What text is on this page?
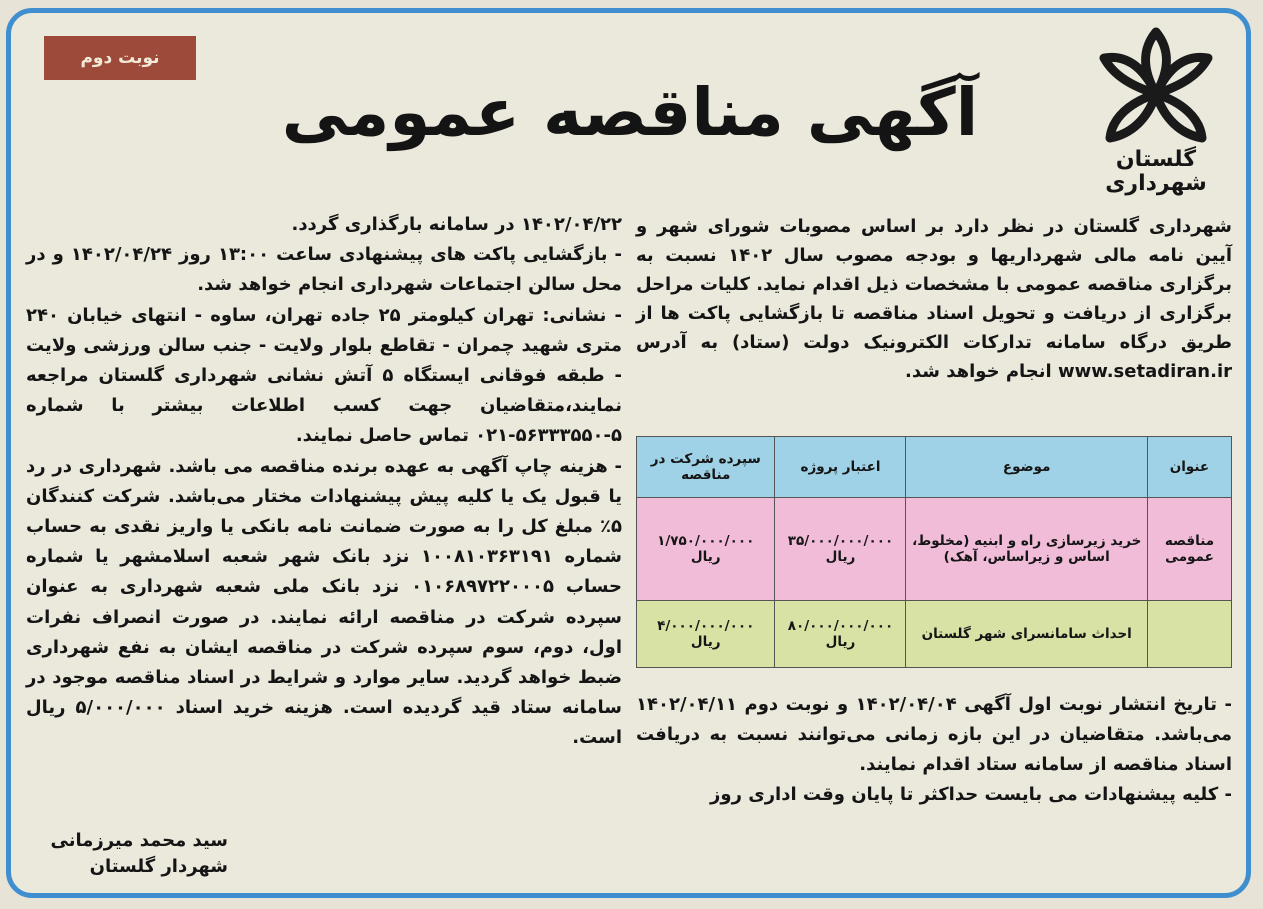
نوبت دوم
آگهی مناقصه عمومی
گلستان
شهرداری
شهرداری گلستان در نظر دارد بر اساس مصوبات شورای شهر و آیین نامه مالی شهرداریها و بودجه مصوب سال ۱۴۰۲ نسبت به برگزاری مناقصه عمومی با مشخصات ذیل اقدام نماید. کلیات مراحل برگزاری از دریافت و تحویل اسناد مناقصه تا بازگشایی پاکت ها از طریق درگاه سامانه تدارکات الکترونیک دولت (ستاد) به آدرس www.setadiran.ir انجام خواهد شد.
عنوان	موضوع	اعتبار پروژه	سپرده شرکت در مناقصه
مناقصه عمومی	خرید زیرسازی راه و ابنیه (مخلوط، اساس و زیراساس، آهک)	۳۵/۰۰۰/۰۰۰/۰۰۰ ریال	۱/۷۵۰/۰۰۰/۰۰۰ ریال
	احداث سامانسرای شهر گلستان	۸۰/۰۰۰/۰۰۰/۰۰۰ ریال	۴/۰۰۰/۰۰۰/۰۰۰ ریال
- تاریخ انتشار نوبت اول آگهی ۱۴۰۲/۰۴/۰۴ و نوبت دوم ۱۴۰۲/۰۴/۱۱ می‌باشد. متقاضیان در این بازه زمانی می‌توانند نسبت به دریافت اسناد مناقصه از سامانه ستاد اقدام نمایند.
- کلیه پیشنهادات می بایست حداکثر تا پایان وقت اداری روز
۱۴۰۲/۰۴/۲۲ در سامانه بارگذاری گردد.
- بازگشایی پاکت های پیشنهادی ساعت ۱۳:۰۰ روز ۱۴۰۲/۰۴/۲۴ و در محل سالن اجتماعات شهرداری انجام خواهد شد.
- نشانی: تهران کیلومتر ۲۵ جاده تهران، ساوه - انتهای خیابان ۲۴۰ متری شهید چمران - تقاطع بلوار ولایت - جنب سالن ورزشی ولایت - طبقه فوقانی ایستگاه ۵ آتش نشانی شهرداری گلستان مراجعه نمایند،متقاضیان جهت کسب اطلاعات بیشتر با شماره ۵-۵۶۳۳۳۵۵۰-۰۲۱ تماس حاصل نمایند.
- هزینه چاپ آگهی به عهده برنده مناقصه می باشد. شهرداری در رد یا قبول یک یا کلیه پیش پیشنهادات مختار می‌باشد. شرکت کنندگان ۵٪ مبلغ کل را به صورت ضمانت نامه بانکی یا واریز نقدی به حساب شماره ۱۰۰۸۱۰۳۶۳۱۹۱ نزد بانک شهر شعبه اسلامشهر یا شماره حساب ۰۱۰۶۸۹۷۲۲۰۰۰۵ نزد بانک ملی شعبه شهرداری به عنوان سپرده شرکت در مناقصه ارائه نمایند. در صورت انصراف نفرات اول، دوم، سوم سپرده شرکت در مناقصه ایشان به نفع شهرداری ضبط خواهد گردید. سایر موارد و شرایط در اسناد مناقصه موجود در سامانه ستاد قید گردیده است. هزینه خرید اسناد ۵/۰۰۰/۰۰۰ ریال است.
سید محمد میرزمانی
شهردار گلستان
